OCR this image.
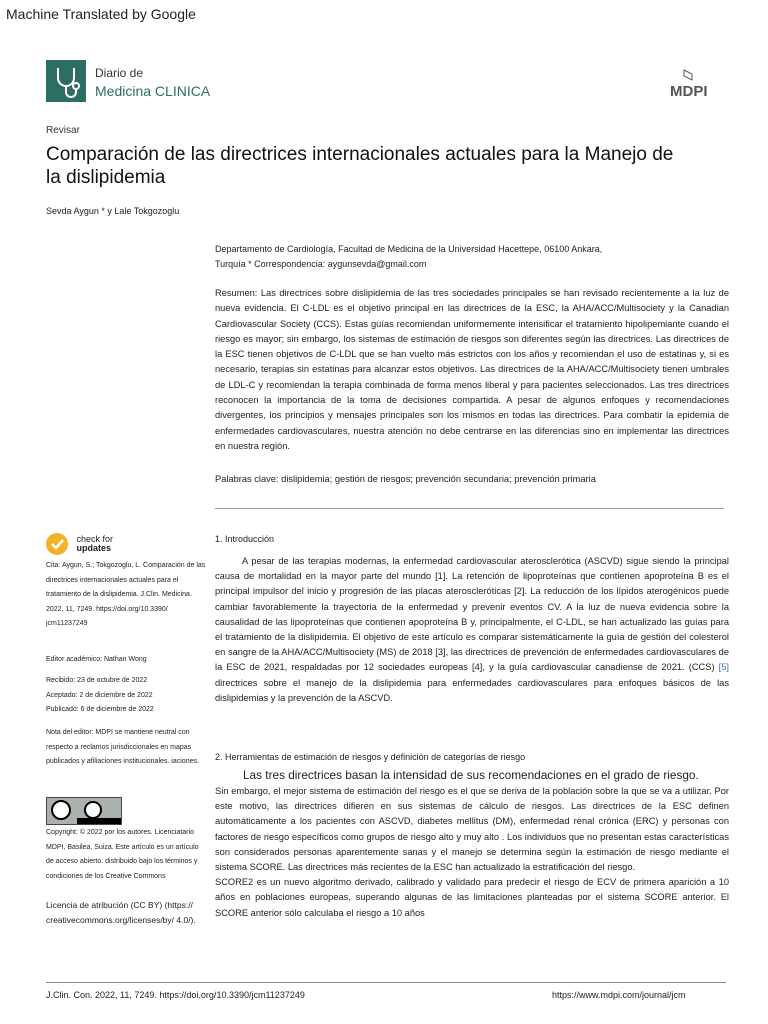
Machine Translated by Google
Diario de
Medicina CLINICA	MDPI
Revisar
Comparación de las directrices internacionales actuales para la Manejo de la dislipidemia
Sevda Aygun * y Lale Tokgozoglu
Departamento de Cardiología, Facultad de Medicina de la Universidad Hacettepe, 06100 Ankara,
Turquía * Correspondencia: aygunsevda@gmail.com
Resumen: Las directrices sobre dislipidemia de las tres sociedades principales se han revisado recientemente a la luz de nueva evidencia. El C-LDL es el objetivo principal en las directrices de la ESC, la AHA/ACC/Multisociety y la Canadian Cardiovascular Society (CCS). Estas guías recomiendan uniformemente intensificar el tratamiento hipolipemiante cuando el riesgo es mayor; sin embargo, los sistemas de estimación de riesgos son diferentes según las directrices. Las directrices de la ESC tienen objetivos de C-LDL que se han vuelto más estrictos con los años y recomiendan el uso de estatinas y, si es necesario, terapias sin estatinas para alcanzar estos objetivos. Las directrices de la AHA/ACC/Multisociety tienen umbrales de LDL-C y recomiendan la terapia combinada de forma menos liberal y para pacientes seleccionados. Las tres directrices reconocen la importancia de la toma de decisiones compartida. A pesar de algunos enfoques y recomendaciones divergentes, los principios y mensajes principales son los mismos en todas las directrices. Para combatir la epidemia de enfermedades cardiovasculares, nuestra atención no debe centrarse en las diferencias sino en implementar las directrices en nuestra región.
Palabras clave: dislipidemia; gestión de riesgos; prevención secundaria; prevención primaria
check for
updates
Cita: Aygun, S.; Tokgozoglu, L. Comparación de las directrices internacionales actuales para el tratamiento de la dislipidemia. J.Clin. Medicina. 2022, 11, 7249. https://doi.org/10.3390/ jcm11237249
Editor académico: Nathan Wong
Recibido: 23 de octubre de 2022
Aceptado: 2 de diciembre de 2022
Publicado: 6 de diciembre de 2022
Nota del editor: MDPI se mantiene neutral con respecto a reclamos jurisdiccionales en mapas publicados y afiliaciones institucionales. iaciones.
Copyright: © 2022 por los autores. Licenciatario MDPI, Basilea, Suiza. Este artículo es un artículo de acceso abierto. distribuido bajo los términos y condiciones de los Creative Commons
Licencia de atribución (CC BY) (https:// creativecommons.org/licenses/by/ 4.0/).
1. Introducción
A pesar de las terapias modernas, la enfermedad cardiovascular aterosclerótica (ASCVD) sigue siendo la principal causa de mortalidad en la mayor parte del mundo [1]. La retención de lipoproteínas que contienen apoproteína B es el principal impulsor del inicio y progresión de las placas ateroscleróticas [2]. La reducción de los lípidos aterogénicos puede cambiar favorablemente la trayectoria de la enfermedad y prevenir eventos CV. A la luz de nueva evidencia sobre la causalidad de las lipoproteínas que contienen apoproteína B y, principalmente, el C-LDL, se han actualizado las guías para el tratamiento de la dislipidemia. El objetivo de este artículo es comparar sistemáticamente la guía de gestión del colesterol en sangre de la AHA/ACC/Multisociety (MS) de 2018 [3], las directrices de prevención de enfermedades cardiovasculares de la ESC de 2021, respaldadas por 12 sociedades europeas [4], y la guía cardiovascular canadiense de 2021. (CCS) [5] directrices sobre el manejo de la dislipidemia para enfermedades cardiovasculares para enfoques básicos de las dislipidemias y la prevención de la ASCVD.
2. Herramientas de estimación de riesgos y definición de categorías de riesgo
Las tres directrices basan la intensidad de sus recomendaciones en el grado de riesgo.
Sin embargo, el mejor sistema de estimación del riesgo es el que se deriva de la población sobre la que se va a utilizar. Por este motivo, las directrices difieren en sus sistemas de cálculo de riesgos. Las directrices de la ESC definen automáticamente a los pacientes con ASCVD, diabetes mellitus (DM), enfermedad renal crónica (ERC) y personas con factores de riesgo específicos como grupos de riesgo alto y muy alto . Los individuos que no presentan estas características son considerados personas aparentemente sanas y el manejo se determina según la estimación de riesgo mediante el sistema SCORE. Las directrices más recientes de la ESC han actualizado la estratificación del riesgo.
SCORE2 es un nuevo algoritmo derivado, calibrado y validado para predecir el riesgo de ECV de primera aparición a 10 años en poblaciones europeas, superando algunas de las limitaciones planteadas por el sistema SCORE anterior. El SCORE anterior sólo calculaba el riesgo a 10 años
J.Clin. Con. 2022, 11, 7249. https://doi.org/10.3390/jcm11237249	https://www.mdpi.com/journal/jcm
